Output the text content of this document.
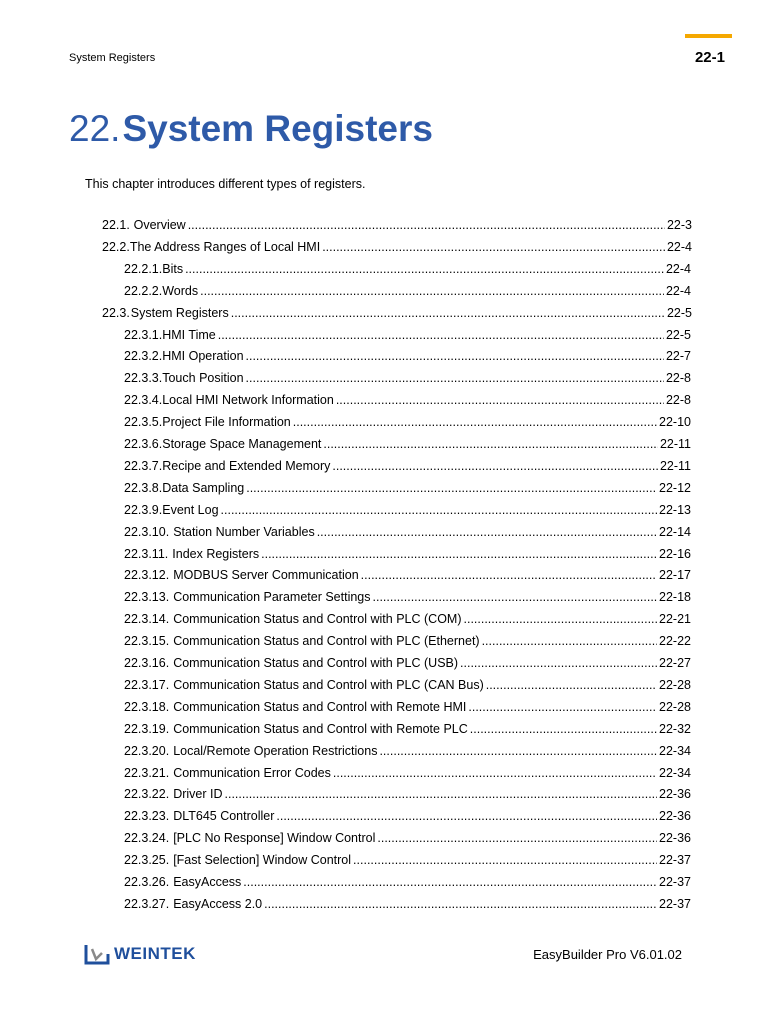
System Registers	22-1
22.System Registers
This chapter introduces different types of registers.
22.1. Overview .....	22-3
22.2. The Address Ranges of Local HMI .....	22-4
22.2.1. Bits .....	22-4
22.2.2. Words .....	22-4
22.3. System Registers .....	22-5
22.3.1. HMI Time .....	22-5
22.3.2. HMI Operation .....	22-7
22.3.3. Touch Position .....	22-8
22.3.4. Local HMI Network Information .....	22-8
22.3.5. Project File Information .....	22-10
22.3.6. Storage Space Management .....	22-11
22.3.7. Recipe and Extended Memory .....	22-11
22.3.8. Data Sampling .....	22-12
22.3.9. Event Log .....	22-13
22.3.10. Station Number Variables .....	22-14
22.3.11. Index Registers .....	22-16
22.3.12. MODBUS Server Communication .....	22-17
22.3.13. Communication Parameter Settings .....	22-18
22.3.14. Communication Status and Control with PLC (COM) .....	22-21
22.3.15. Communication Status and Control with PLC (Ethernet) .....	22-22
22.3.16. Communication Status and Control with PLC (USB) .....	22-27
22.3.17. Communication Status and Control with PLC (CAN Bus) .....	22-28
22.3.18. Communication Status and Control with Remote HMI .....	22-28
22.3.19. Communication Status and Control with Remote PLC .....	22-32
22.3.20. Local/Remote Operation Restrictions .....	22-34
22.3.21. Communication Error Codes .....	22-34
22.3.22. Driver ID .....	22-36
22.3.23. DLT645 Controller .....	22-36
22.3.24. [PLC No Response] Window Control .....	22-36
22.3.25. [Fast Selection] Window Control .....	22-37
22.3.26. EasyAccess .....	22-37
22.3.27. EasyAccess 2.0 .....	22-37
WEINTEK	EasyBuilder Pro V6.01.02
